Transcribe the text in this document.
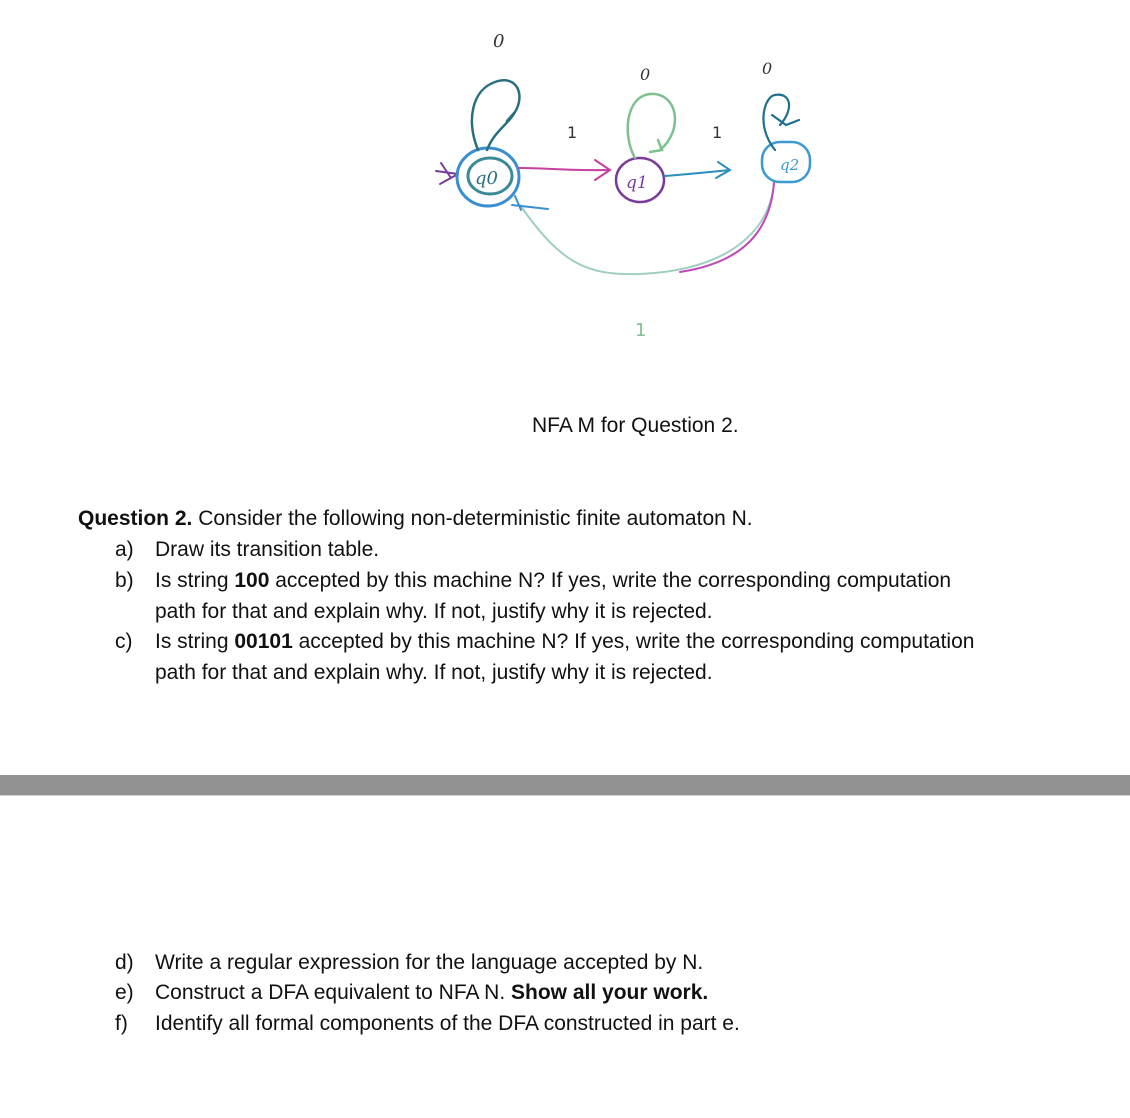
q0
0
1
q1
0
1
q2
0
1
NFA M for Question 2.
Question 2. Consider the following non-deterministic finite automaton N.
a) Draw its transition table.
b) Is string 100 accepted by this machine N? If yes, write the corresponding computation
path for that and explain why. If not, justify why it is rejected.
c) Is string 00101 accepted by this machine N? If yes, write the corresponding computation
path for that and explain why. If not, justify why it is rejected.
d) Write a regular expression for the language accepted by N.
e) Construct a DFA equivalent to NFA N. Show all your work.
f) Identify all formal components of the DFA constructed in part e.
